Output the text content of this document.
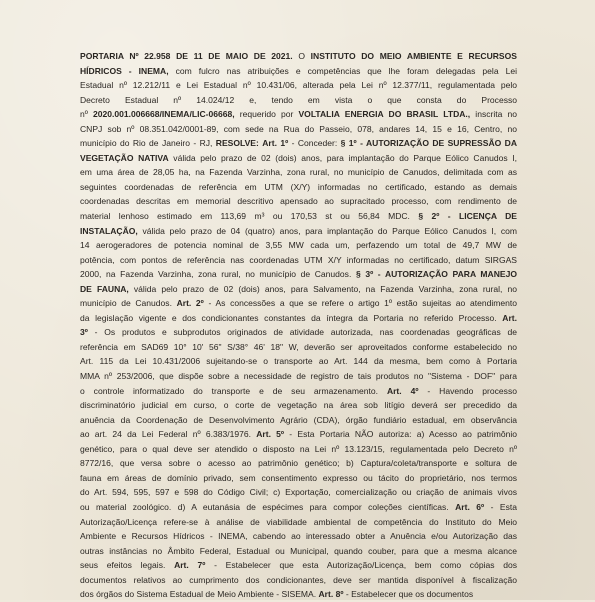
PORTARIA Nº 22.958 DE 11 DE MAIO DE 2021. O INSTITUTO DO MEIO AMBIENTE E RECURSOS
HÍDRICOS - INEMA, com fulcro nas atribuições e competências que lhe foram delegadas pela Lei
Estadual nº 12.212/11 e Lei Estadual nº 10.431/06, alterada pela Lei nº 12.377/11, regulamentada pelo
Decreto Estadual nº 14.024/12 e, tendo em vista o que consta do Processo
nº 2020.001.006668/INEMA/LIC-06668, requerido por VOLTALIA ENERGIA DO BRASIL LTDA., inscrita no
CNPJ sob nº 08.351.042/0001-89, com sede na Rua do Passeio, 078, andares 14, 15 e 16, Centro, no
município do Rio de Janeiro - RJ, RESOLVE: Art. 1º - Conceder: § 1º - AUTORIZAÇÃO DE SUPRESSÃO DA
VEGETAÇÃO NATIVA válida pelo prazo de 02 (dois) anos, para implantação do Parque Eólico Canudos I,
em uma área de 28,05 ha, na Fazenda Varzinha, zona rural, no município de Canudos, delimitada com as
seguintes coordenadas de referência em UTM (X/Y) informadas no certificado, estando as demais
coordenadas descritas em memorial descritivo apensado ao supracitado processo, com rendimento de
material lenhoso estimado em 113,69 m³ ou 170,53 st ou 56,84 MDC. § 2º - LICENÇA DE
INSTALAÇÃO, válida pelo prazo de 04 (quatro) anos, para implantação do Parque Eólico Canudos I, com
14 aerogeradores de potencia nominal de 3,55 MW cada um, perfazendo um total de 49,7 MW de
potência, com pontos de referência nas coordenadas UTM X/Y informadas no certificado, datum SIRGAS
2000, na Fazenda Varzinha, zona rural, no município de Canudos. § 3º - AUTORIZAÇÃO PARA MANEJO
DE FAUNA, válida pelo prazo de 02 (dois) anos, para Salvamento, na Fazenda Varzinha, zona rural, no
município de Canudos. Art. 2º - As concessões a que se refere o artigo 1º estão sujeitas ao atendimento
da legislação vigente e dos condicionantes constantes da íntegra da Portaria no referido Processo. Art.
3º - Os produtos e subprodutos originados de atividade autorizada, nas coordenadas geográficas de
referência em SAD69 10° 10' 56" S/38° 46' 18" W, deverão ser aproveitados conforme estabelecido no
Art. 115 da Lei 10.431/2006 sujeitando-se o transporte ao Art. 144 da mesma, bem como à Portaria
MMA nº 253/2006, que dispõe sobre a necessidade de registro de tais produtos no "Sistema - DOF" para
o controle informatizado do transporte e de seu armazenamento. Art. 4º - Havendo processo
discriminatório judicial em curso, o corte de vegetação na área sob litígio deverá ser precedido da
anuência da Coordenação de Desenvolvimento Agrário (CDA), órgão fundiário estadual, em observância
ao art. 24 da Lei Federal nº 6.383/1976. Art. 5º - Esta Portaria NÃO autoriza: a) Acesso ao patrimônio
genético, para o qual deve ser atendido o disposto na Lei nº 13.123/15, regulamentada pelo Decreto nº
8772/16, que versa sobre o acesso ao patrimônio genético; b) Captura/coleta/transporte e soltura de
fauna em áreas de domínio privado, sem consentimento expresso ou tácito do proprietário, nos termos
do Art. 594, 595, 597 e 598 do Código Civil; c) Exportação, comercialização ou criação de animais vivos
ou material zoológico. d) A eutanásia de espécimes para compor coleções científicas. Art. 6º - Esta
Autorização/Licença refere-se à análise de viabilidade ambiental de competência do Instituto do Meio
Ambiente e Recursos Hídricos - INEMA, cabendo ao interessado obter a Anuência e/ou Autorização das
outras instâncias no Âmbito Federal, Estadual ou Municipal, quando couber, para que a mesma alcance
seus efeitos legais. Art. 7º - Estabelecer que esta Autorização/Licença, bem como cópias dos
documentos relativos ao cumprimento dos condicionantes, deve ser mantida disponível à fiscalização
dos órgãos do Sistema Estadual de Meio Ambiente - SISEMA. Art. 8º - Estabelecer que os documentos
